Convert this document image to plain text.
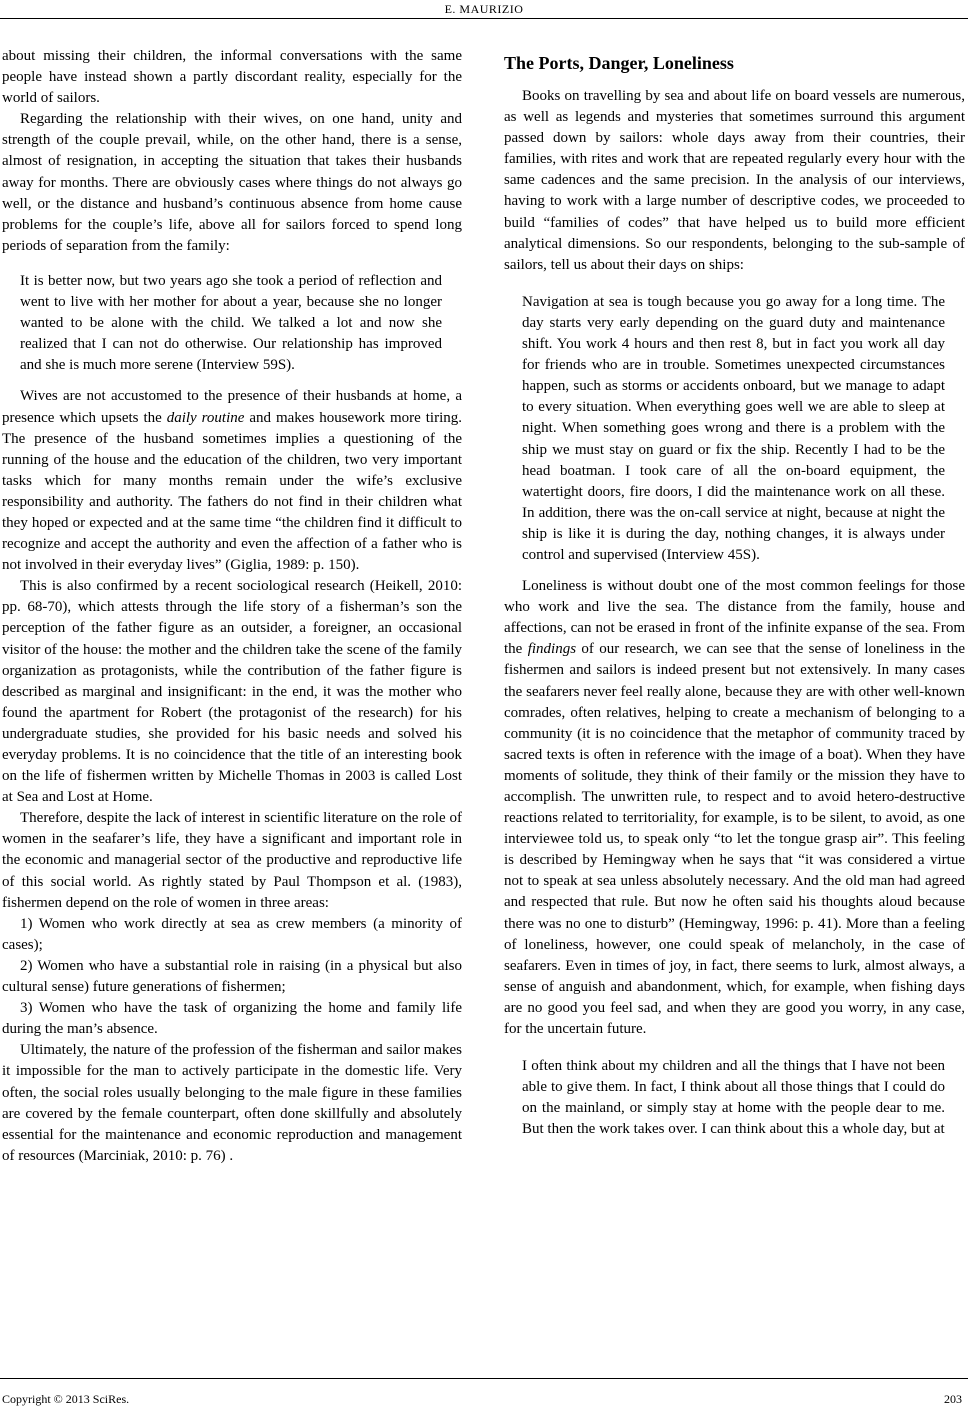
E. MAURIZIO

about missing their children, the informal conversations with the same people have instead shown a partly discordant reality, especially for the world of sailors.

Regarding the relationship with their wives, on one hand, unity and strength of the couple prevail, while, on the other hand, there is a sense, almost of resignation, in accepting the situation that takes their husbands away for months. There are obviously cases where things do not always go well, or the distance and husband’s continuous absence from home cause problems for the couple’s life, above all for sailors forced to spend long periods of separation from the family:

It is better now, but two years ago she took a period of reflection and went to live with her mother for about a year, because she no longer wanted to be alone with the child. We talked a lot and now she realized that I can not do otherwise. Our relationship has improved and she is much more serene (Interview 59S).

Wives are not accustomed to the presence of their husbands at home, a presence which upsets the daily routine and makes housework more tiring. The presence of the husband sometimes implies a questioning of the running of the house and the education of the children, two very important tasks which for many months remain under the wife’s exclusive responsibility and authority. The fathers do not find in their children what they hoped or expected and at the same time “the children find it difficult to recognize and accept the authority and even the affection of a father who is not involved in their everyday lives” (Giglia, 1989: p. 150).

This is also confirmed by a recent sociological research (Heikell, 2010: pp. 68-70), which attests through the life story of a fisherman’s son the perception of the father figure as an outsider, a foreigner, an occasional visitor of the house: the mother and the children take the scene of the family organization as protagonists, while the contribution of the father figure is described as marginal and insignificant: in the end, it was the mother who found the apartment for Robert (the protagonist of the research) for his undergraduate studies, she provided for his basic needs and solved his everyday problems. It is no coincidence that the title of an interesting book on the life of fishermen written by Michelle Thomas in 2003 is called Lost at Sea and Lost at Home.

Therefore, despite the lack of interest in scientific literature on the role of women in the seafarer’s life, they have a significant and important role in the economic and managerial sector of the productive and reproductive life of this social world. As rightly stated by Paul Thompson et al. (1983), fishermen depend on the role of women in three areas:

1) Women who work directly at sea as crew members (a minority of cases);

2) Women who have a substantial role in raising (in a physical but also cultural sense) future generations of fishermen;

3) Women who have the task of organizing the home and family life during the man’s absence.

Ultimately, the nature of the profession of the fisherman and sailor makes it impossible for the man to actively participate in the domestic life. Very often, the social roles usually belonging to the male figure in these families are covered by the female counterpart, often done skillfully and absolutely essential for the maintenance and economic reproduction and management of resources (Marciniak, 2010: p. 76) .

The Ports, Danger, Loneliness

Books on travelling by sea and about life on board vessels are numerous, as well as legends and mysteries that sometimes surround this argument passed down by sailors: whole days away from their countries, their families, with rites and work that are repeated regularly every hour with the same cadences and the same precision. In the analysis of our interviews, having to work with a large number of descriptive codes, we proceeded to build “families of codes” that have helped us to build more efficient analytical dimensions. So our respondents, belonging to the sub-sample of sailors, tell us about their days on ships:

Navigation at sea is tough because you go away for a long time. The day starts very early depending on the guard duty and maintenance shift. You work 4 hours and then rest 8, but in fact you work all day for friends who are in trouble. Sometimes unexpected circumstances happen, such as storms or accidents onboard, but we manage to adapt to every situation. When everything goes well we are able to sleep at night. When something goes wrong and there is a problem with the ship we must stay on guard or fix the ship. Recently I had to be the head boatman. I took care of all the on-board equipment, the watertight doors, fire doors, I did the maintenance work on all these. In addition, there was the on-call service at night, because at night the ship is like it is during the day, nothing changes, it is always under control and supervised (Interview 45S).

Loneliness is without doubt one of the most common feelings for those who work and live the sea. The distance from the family, house and affections, can not be erased in front of the infinite expanse of the sea. From the findings of our research, we can see that the sense of loneliness in the fishermen and sailors is indeed present but not extensively. In many cases the seafarers never feel really alone, because they are with other well-known comrades, often relatives, helping to create a mechanism of belonging to a community (it is no coincidence that the metaphor of community traced by sacred texts is often in reference with the image of a boat). When they have moments of solitude, they think of their family or the mission they have to accomplish. The unwritten rule, to respect and to avoid hetero-destructive reactions related to territoriality, for example, is to be silent, to avoid, as one interviewee told us, to speak only “to let the tongue grasp air”. This feeling is described by Hemingway when he says that “it was considered a virtue not to speak at sea unless absolutely necessary. And the old man had agreed and respected that rule. But now he often said his thoughts aloud because there was no one to disturb” (Hemingway, 1996: p. 41). More than a feeling of loneliness, however, one could speak of melancholy, in the case of seafarers. Even in times of joy, in fact, there seems to lurk, almost always, a sense of anguish and abandonment, which, for example, when fishing days are no good you feel sad, and when they are good you worry, in any case, for the uncertain future.

I often think about my children and all the things that I have not been able to give them. In fact, I think about all those things that I could do on the mainland, or simply stay at home with the people dear to me. But then the work takes over. I can think about this a whole day, but at

Copyright © 2013 SciRes.	203
